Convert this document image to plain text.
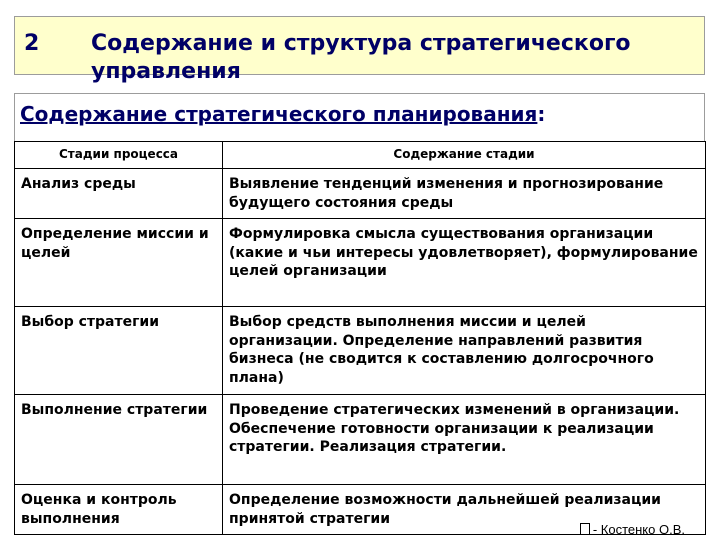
2 Содержание и структура стратегического управления
Содержание стратегического планирования:
Стадии процесса	Содержание стадии
Анализ среды	Выявление тенденций изменения и прогнозирование будущего состояния среды
Определение миссии и целей	Формулировка смысла существования организации (какие и чьи интересы удовлетворяет), формулирование целей организации
Выбор стратегии	Выбор средств выполнения миссии и целей организации. Определение направлений развития бизнеса (не сводится к составлению долгосрочного плана)
Выполнение стратегии	Проведение стратегических изменений в организации. Обеспечение готовности организации к реализации стратегии. Реализация стратегии.
Оценка и контроль выполнения	Определение возможности дальнейшей реализации принятой стратегии
- Костенко О.В.
